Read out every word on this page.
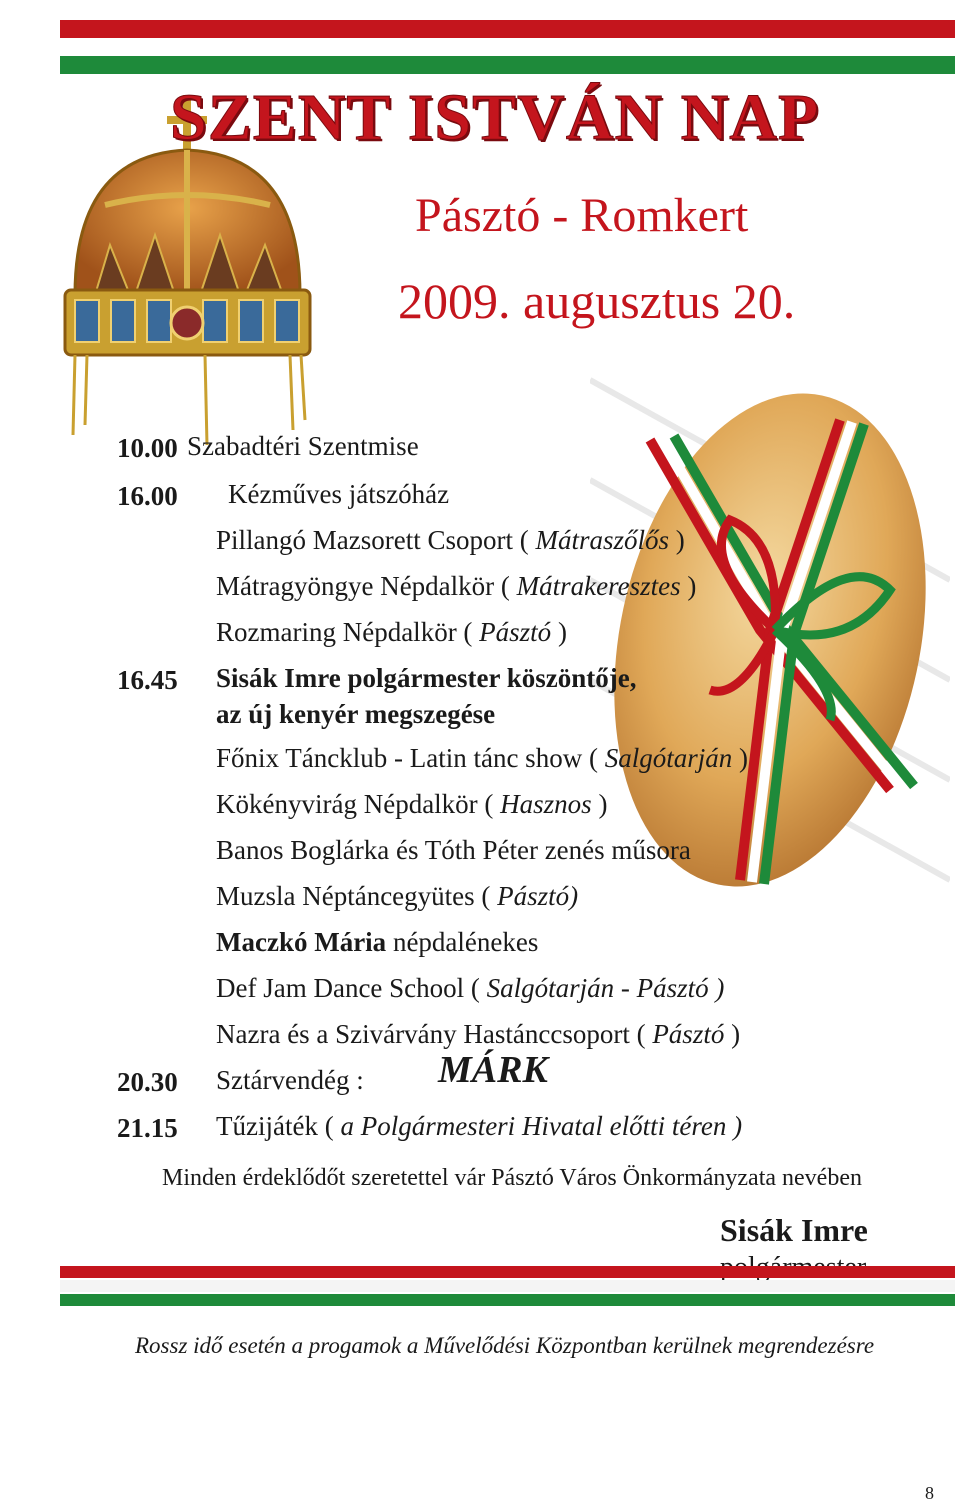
SZENT ISTVÁN NAP
Pásztó - Romkert
2009. augusztus 20.
10.00 Szabadtéri Szentmise
16.00 Kézműves játszóház
Pillangó Mazsorett Csoport ( Mátraszőlős )
Mátragyöngye Népdalkör ( Mátrakeresztes )
Rozmaring Népdalkör ( Pásztó )
16.45 Sisák Imre polgármester köszöntője,
az új kenyér megszegése
Főnix Tánckl​ub - Latin tánc show ( Salgótarján )
Kökényvirág Népdalkör ( Hasznos )
Banos Boglárka és Tóth Péter zenés műsora
Muzsla Néptáncegyütes ( Pásztó)
Maczkó Mária népdalénekes
Def Jam Dance School ( Salgótarján - Pásztó )
Nazra és a Szivárvány Hastánccsoport ( Pásztó )
20.30 Sztárvendég : MÁRK
21.15 Tűzijáték ( a Polgármesteri Hivatal előtti téren )
Minden érdeklődőt szeretettel vár Pásztó Város Önkormányzata nevében
Sisák Imre
Rossz idő esetén a progamok a Művelődési Központban kerülnek megrendezésre
8
